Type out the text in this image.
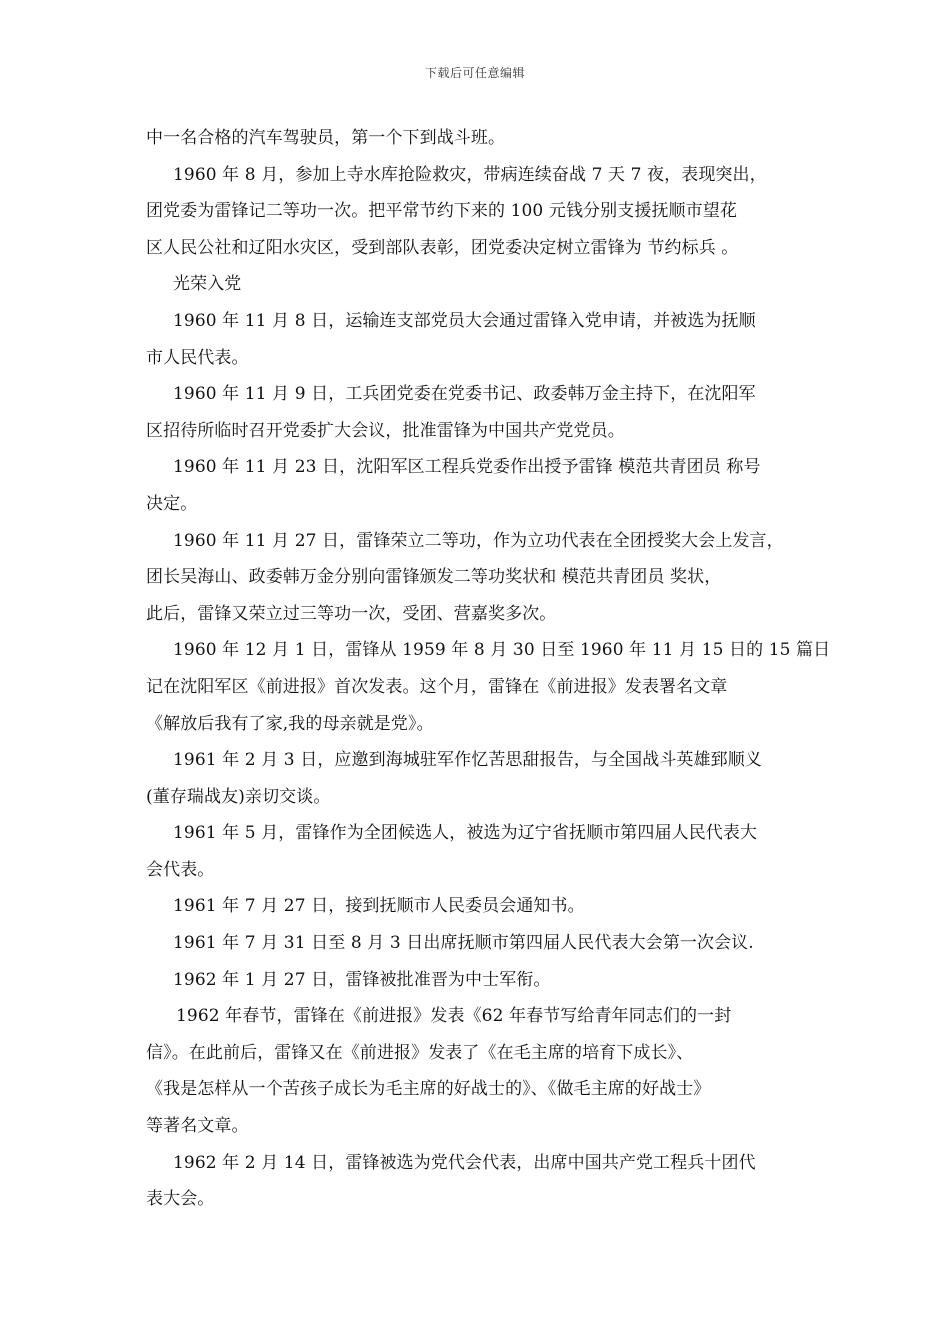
下载后可任意编辑
中一名合格的汽车驾驶员，第一个下到战斗班。
1960 年 8 月，参加上寺水库抢险救灾，带病连续奋战 7 天 7 夜，表现突出，
团党委为雷锋记二等功一次。把平常节约下来的 100 元钱分别支援抚顺市望花
区人民公社和辽阳水灾区，受到部队表彰，团党委决定树立雷锋为 节约标兵 。
光荣入党
1960 年 11 月 8 日，运输连支部党员大会通过雷锋入党申请，并被选为抚顺
市人民代表。
1960 年 11 月 9 日，工兵团党委在党委书记、政委韩万金主持下，在沈阳军
区招待所临时召开党委扩大会议，批准雷锋为中国共产党党员。
1960 年 11 月 23 日，沈阳军区工程兵党委作出授予雷锋 模范共青团员 称号
决定。
1960 年 11 月 27 日，雷锋荣立二等功，作为立功代表在全团授奖大会上发言，
团长吴海山、政委韩万金分别向雷锋颁发二等功奖状和 模范共青团员 奖状，
此后，雷锋又荣立过三等功一次，受团、营嘉奖多次。
1960 年 12 月 1 日，雷锋从 1959 年 8 月 30 日至 1960 年 11 月 15 日的 15 篇日
记在沈阳军区《前进报》首次发表。这个月，雷锋在《前进报》发表署名文章
《解放后我有了家,我的母亲就是党》。
1961 年 2 月 3 日，应邀到海城驻军作忆苦思甜报告，与全国战斗英雄郅顺义
(董存瑞战友)亲切交谈。
1961 年 5 月，雷锋作为全团候选人，被选为辽宁省抚顺市第四届人民代表大
会代表。
1961 年 7 月 27 日，接到抚顺市人民委员会通知书。
1961 年 7 月 31 日至 8 月 3 日出席抚顺市第四届人民代表大会第一次会议.
1962 年 1 月 27 日，雷锋被批准晋为中士军衔。
1962 年春节，雷锋在《前进报》发表《62 年春节写给青年同志们的一封
信》。在此前后，雷锋又在《前进报》发表了《在毛主席的培育下成长》、
《我是怎样从一个苦孩子成长为毛主席的好战士的》、《做毛主席的好战士》
等著名文章。
1962 年 2 月 14 日，雷锋被选为党代会代表，出席中国共产党工程兵十团代
表大会。
